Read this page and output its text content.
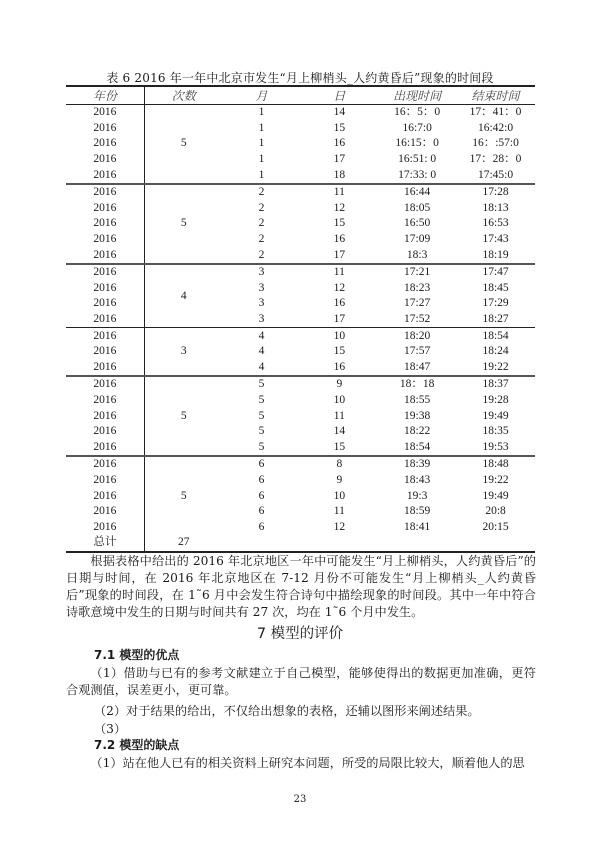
表 6 2016 年一年中北京市发生“月上柳梢头_人约黄昏后”现象的时间段
年份	次数	月	日	出现时间	结束时间
2016	5	1	14	16：5：0	17：41：0
2016		1	15	16:7:0	16:42:0
2016		1	16	16:15：0	16：:57:0
2016		1	17	16:51: 0	17：28：0
2016		1	18	17:33: 0	17:45:0
2016	5	2	11	16:44	17:28
2016		2	12	18:05	18:13
2016		2	15	16:50	16:53
2016		2	16	17:09	17:43
2016		2	17	18:3	18:19
2016	4	3	11	17:21	17:47
2016		3	12	18:23	18:45
2016		3	16	17:27	17:29
2016		3	17	17:52	18:27
2016	3	4	10	18:20	18:54
2016		4	15	17:57	18:24
2016		4	16	18:47	19:22
2016	5	5	9	18：18	18:37
2016		5	10	18:55	19:28
2016		5	11	19:38	19:49
2016		5	14	18:22	18:35
2016		5	15	18:54	19:53
2016	5	6	8	18:39	18:48
2016		6	9	18:43	19:22
2016		6	10	19:3	19:49
2016		6	11	18:59	20:8
2016		6	12	18:41	20:15
总计	27				
根据表格中给出的 2016 年北京地区一年中可能发生“月上柳梢头，人约黄昏后”的日期与时间，在 2016 年北京地区在 7-12 月份不可能发生“月上柳梢头_人约黄昏后”现象的时间段，在 1˜6 月中会发生符合诗句中描绘现象的时间段。其中一年中符合诗歌意境中发生的日期与时间共有 27 次，均在 1˜6 个月中发生。
7 模型的评价
7.1 模型的优点
（1）借助与已有的参考文献建立于自己模型，能够使得出的数据更加准确，更符合观测值，误差更小，更可靠。
（2）对于结果的给出，不仅给出想象的表格，还辅以图形来阐述结果。
（3）
7.2 模型的缺点
（1）站在他人已有的相关资料上研究本问题，所受的局限比较大，顺着他人的思
23
